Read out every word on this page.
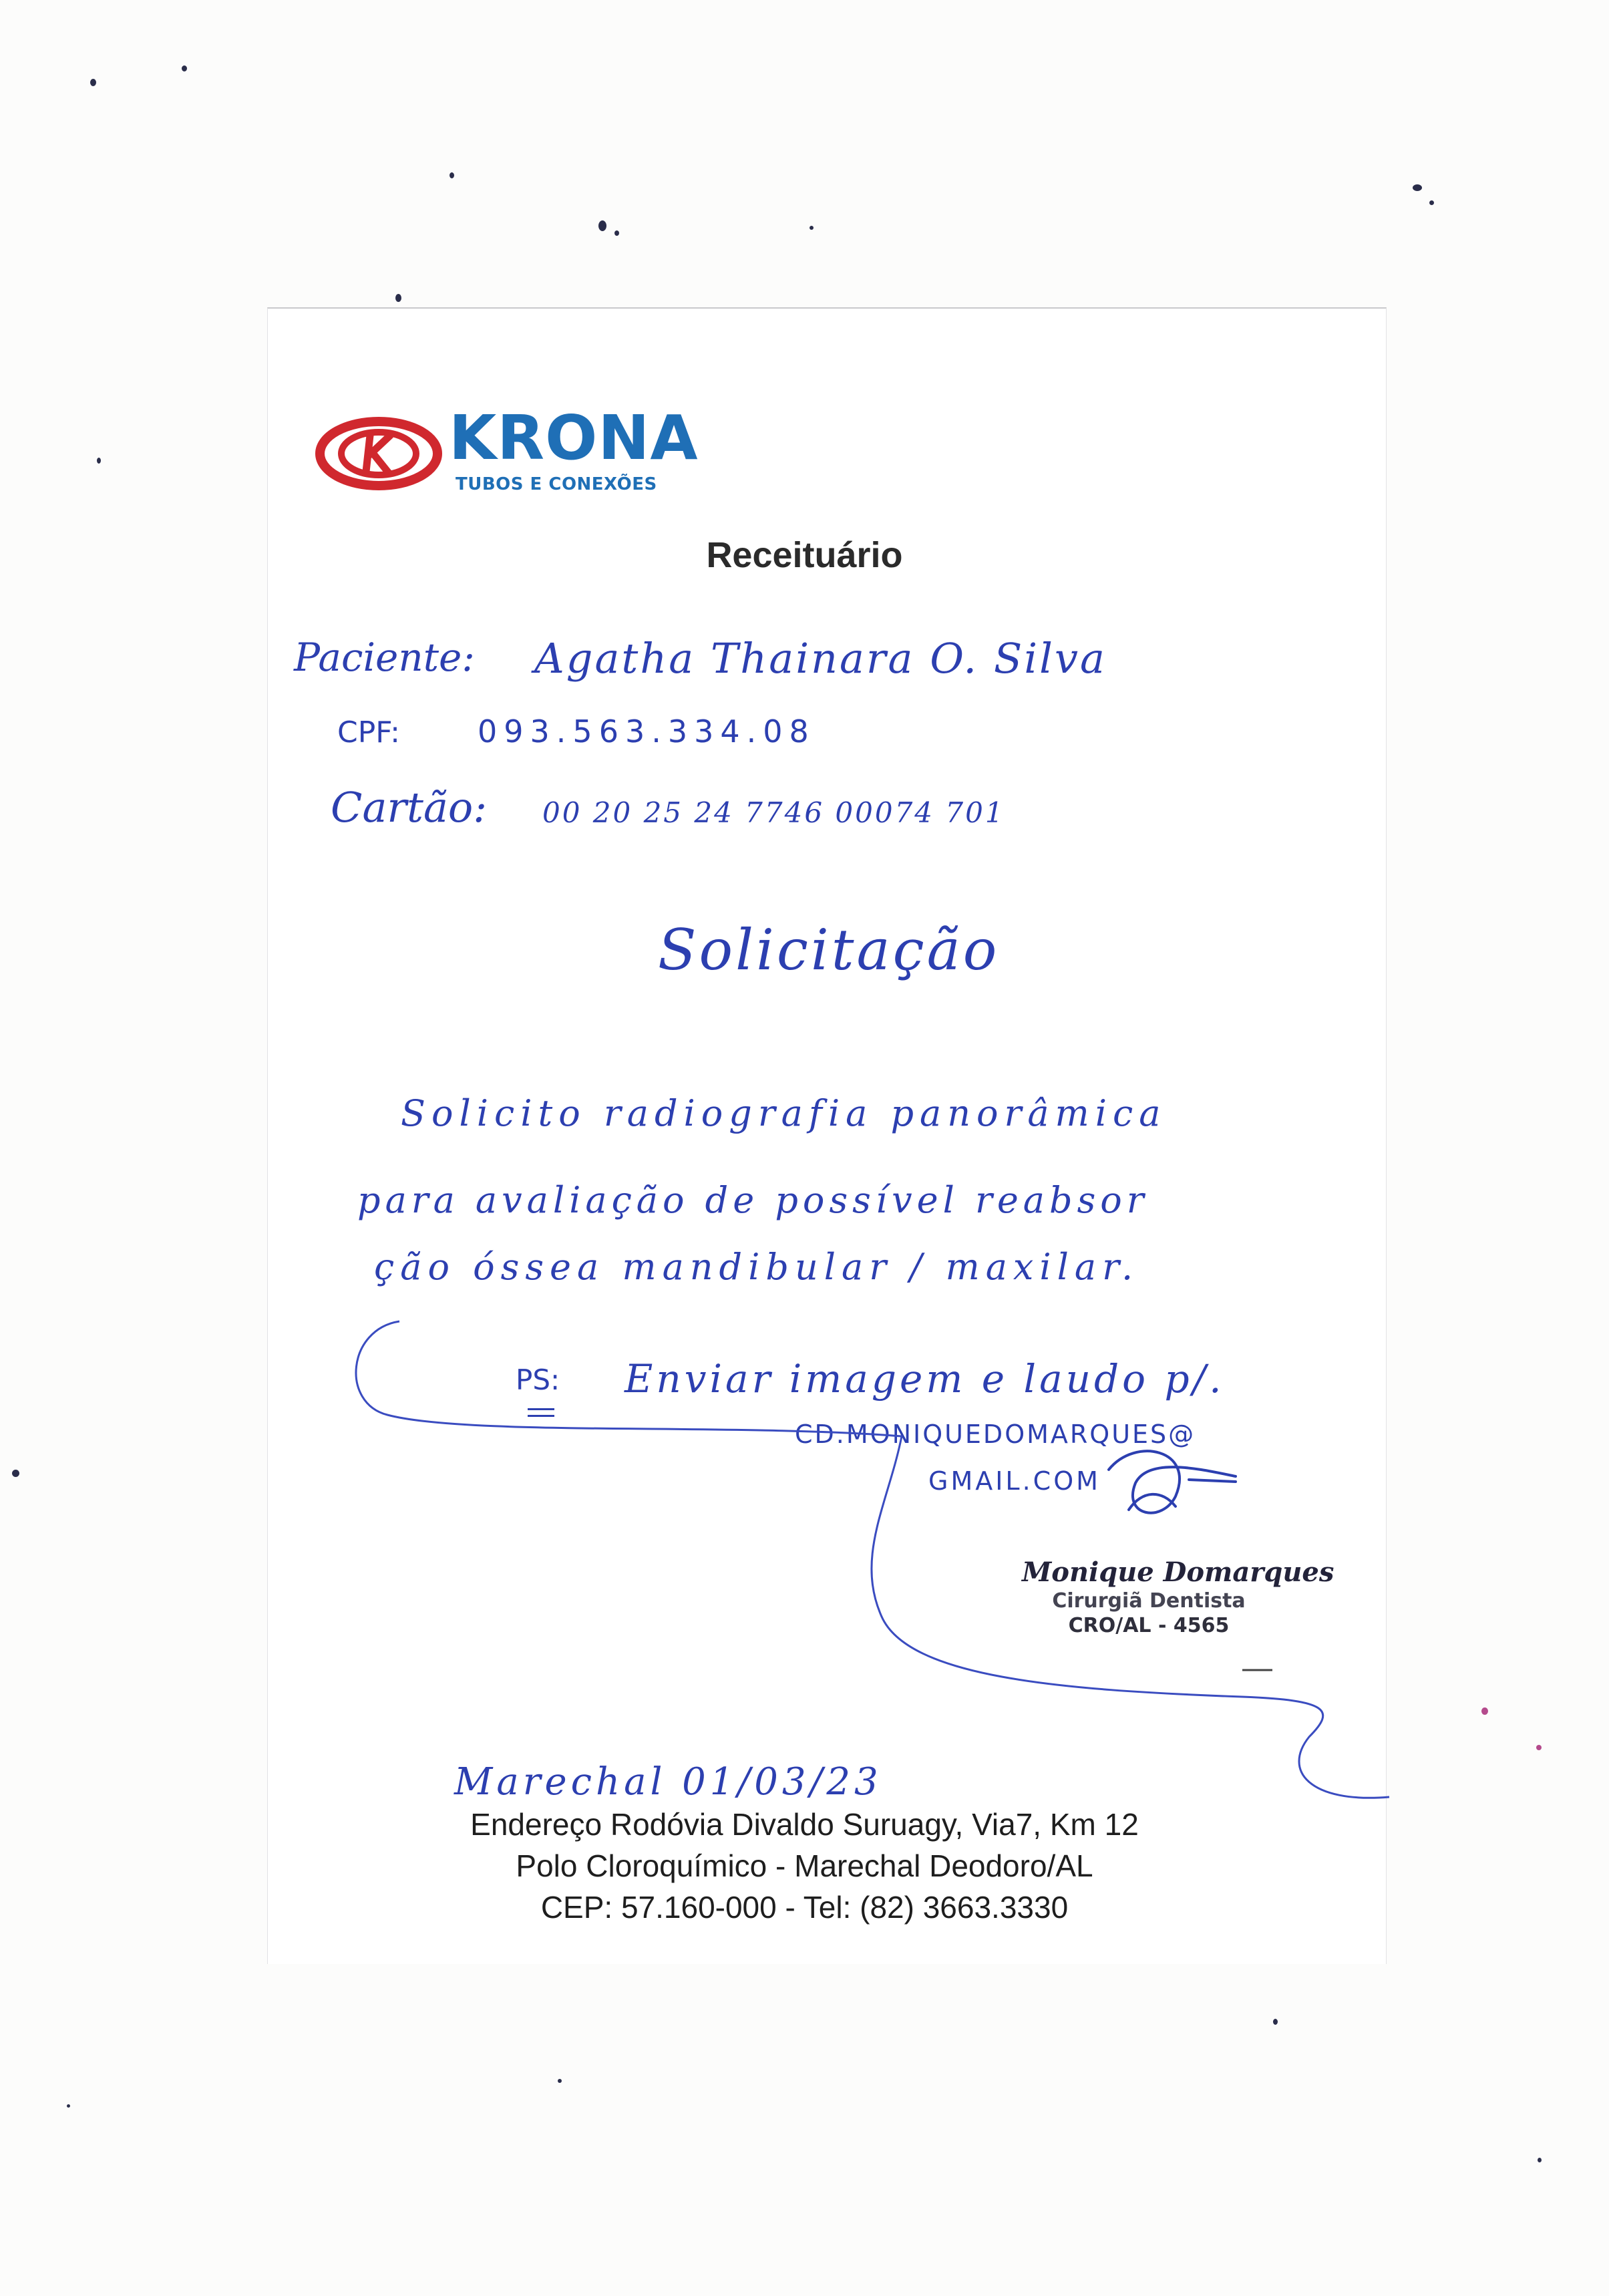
KRONA
TUBOS E CONEXÕES
Receituário
Paciente: Agatha Thainara O. Silva
CPF:	093.563.334.08
Cartão: 00 20 25 24 7746 00074 701
Solicitação
Solicito radiografia panorâmica
para avaliação de possível reabsor
ção óssea mandibular / maxilar.
PS: Enviar imagem e laudo p/.
CD.MONIQUEDOMARQUES@
GMAIL.COM
Monique Domarques
Cirurgiã Dentista
CRO/AL - 4565
Marechal 01/03/23
Endereço Rodóvia Divaldo Suruagy, Via7, Km 12
Polo Cloroquímico - Marechal Deodoro/AL
CEP: 57.160-000 - Tel: (82) 3663.3330
